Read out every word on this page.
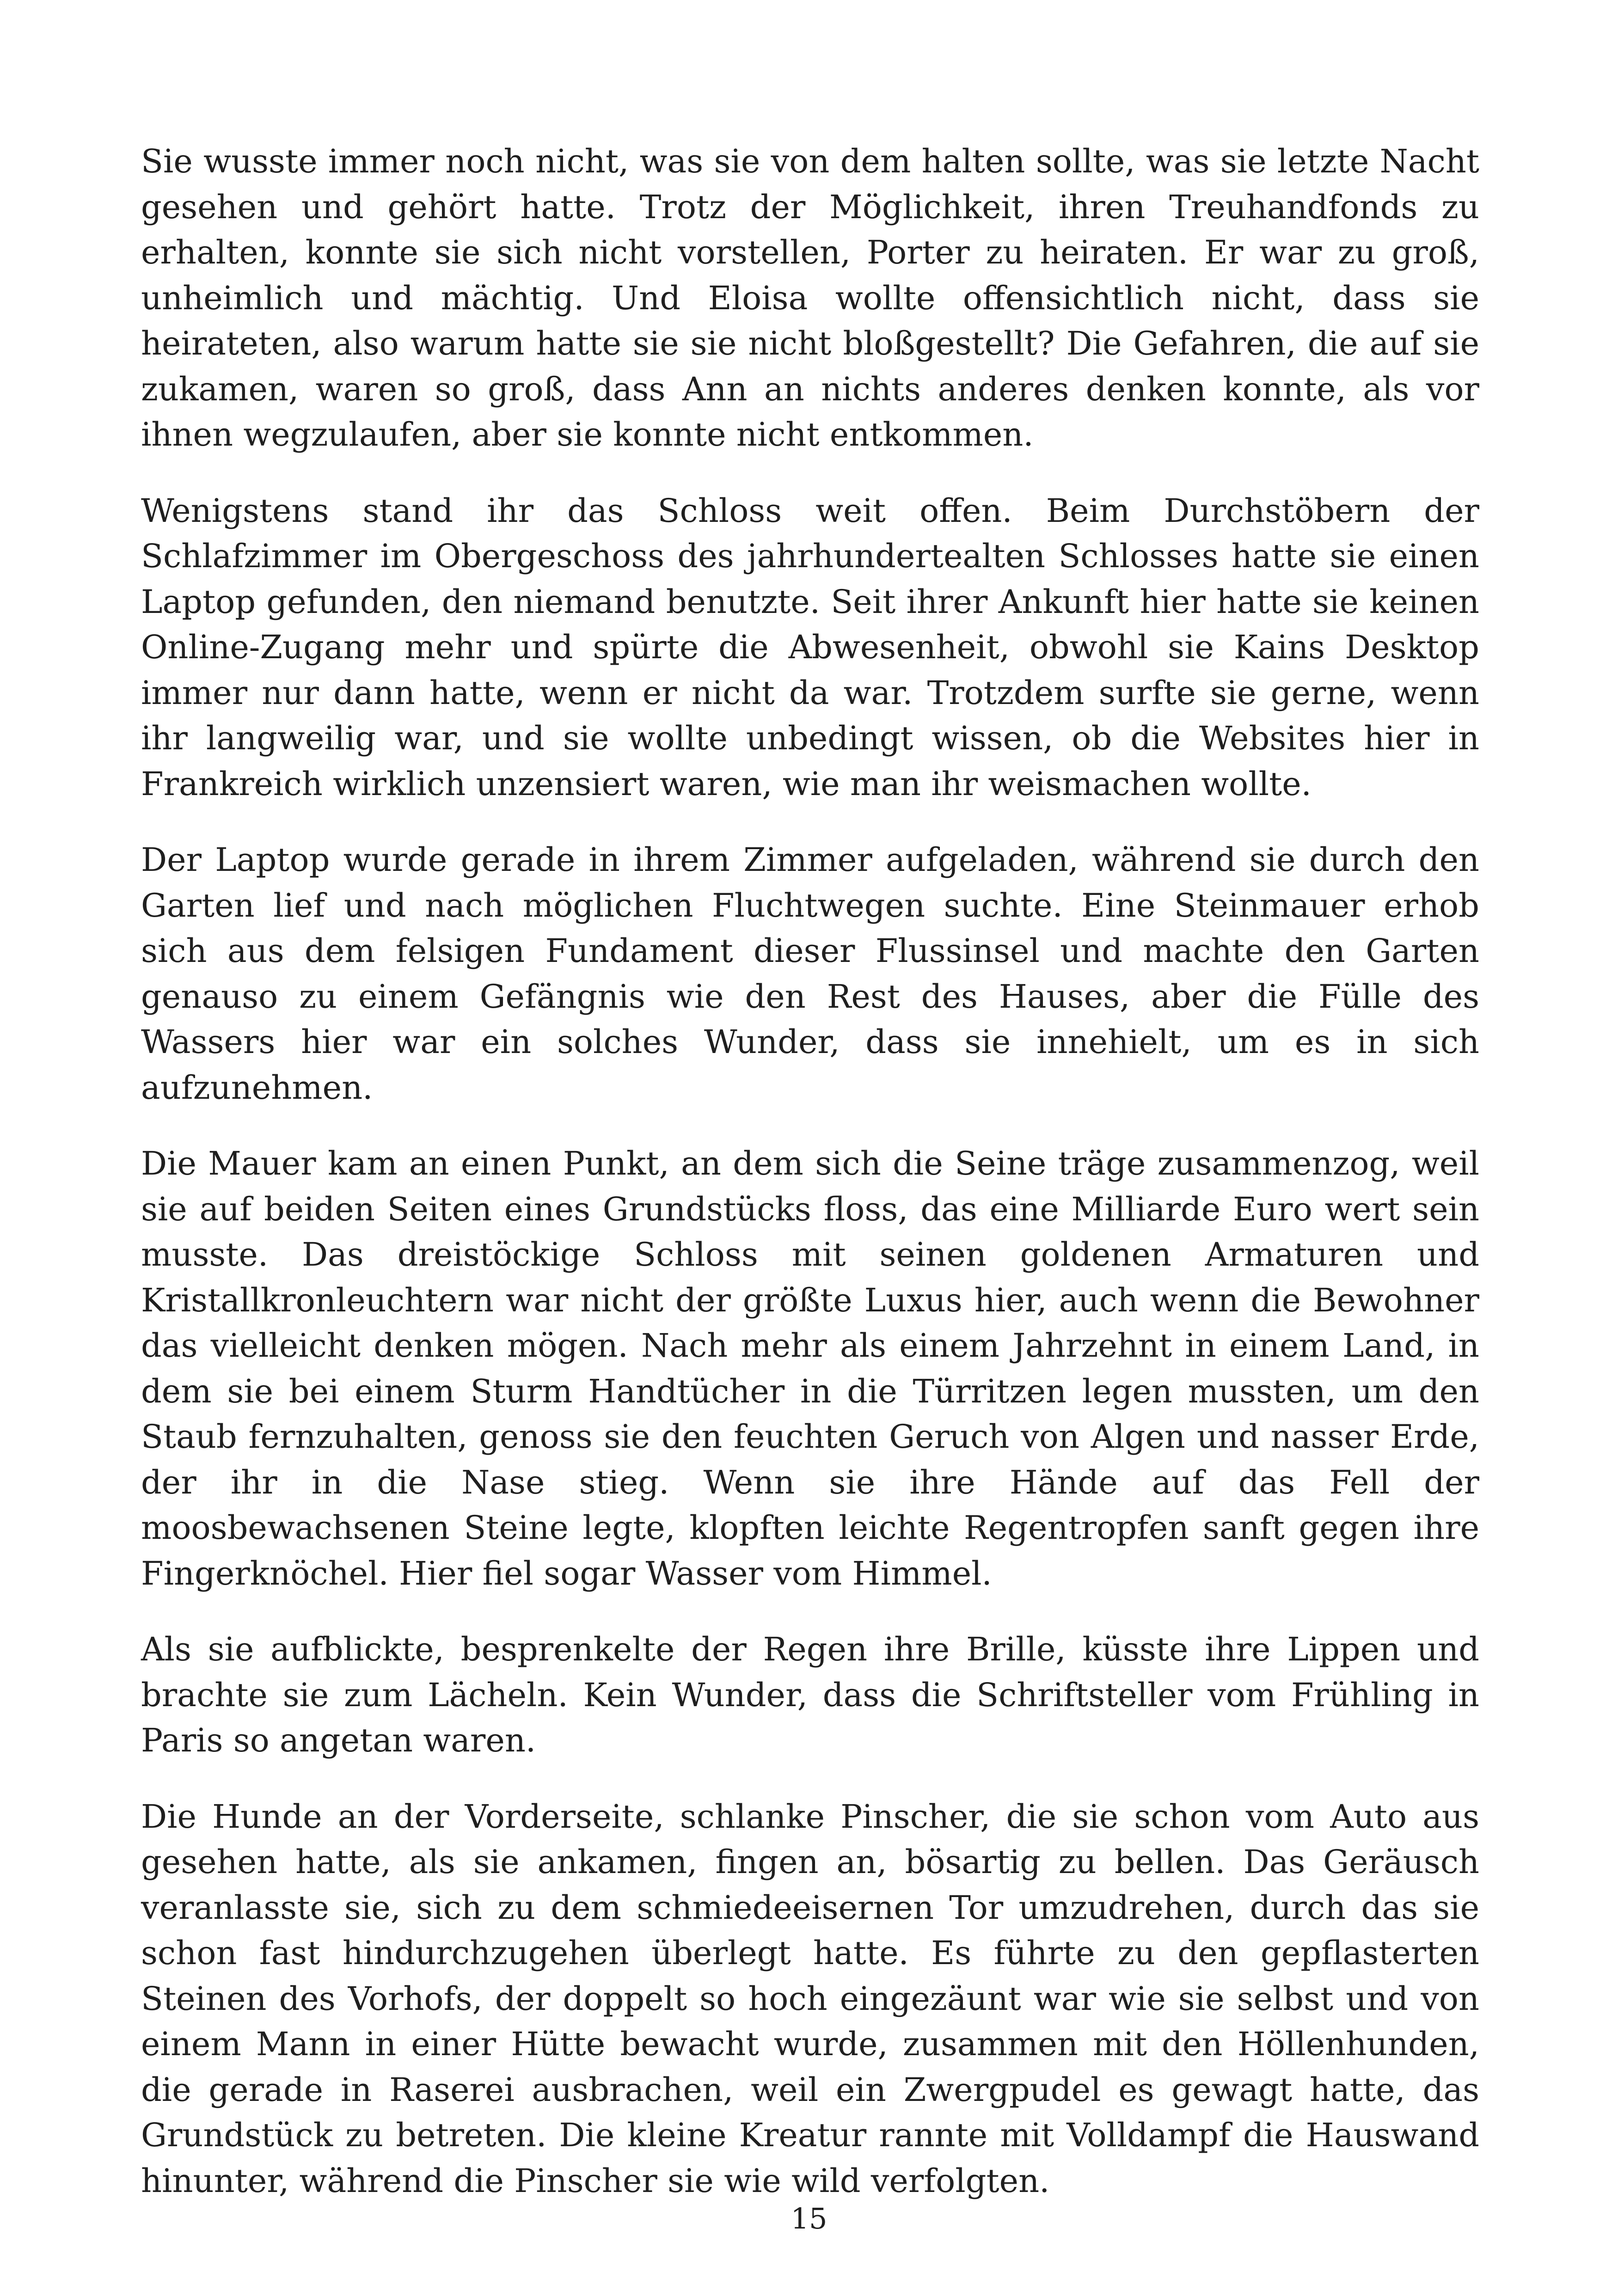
Sie wusste immer noch nicht, was sie von dem halten sollte, was sie letzte Nacht gesehen und gehört hatte. Trotz der Möglichkeit, ihren Treuhandfonds zu erhalten, konnte sie sich nicht vorstellen, Porter zu heiraten. Er war zu groß, unheimlich und mächtig. Und Eloisa wollte offensichtlich nicht, dass sie heirateten, also warum hatte sie sie nicht bloßgestellt? Die Gefahren, die auf sie zukamen, waren so groß, dass Ann an nichts anderes denken konnte, als vor ihnen wegzulaufen, aber sie konnte nicht entkommen.

Wenigstens stand ihr das Schloss weit offen. Beim Durchstöbern der Schlafzimmer im Obergeschoss des jahrhundertealten Schlosses hatte sie einen Laptop gefunden, den niemand benutzte. Seit ihrer Ankunft hier hatte sie keinen Online-Zugang mehr und spürte die Abwesenheit, obwohl sie Kains Desktop immer nur dann hatte, wenn er nicht da war. Trotzdem surfte sie gerne, wenn ihr langweilig war, und sie wollte unbedingt wissen, ob die Websites hier in Frankreich wirklich unzensiert waren, wie man ihr weismachen wollte.

Der Laptop wurde gerade in ihrem Zimmer aufgeladen, während sie durch den Garten lief und nach möglichen Fluchtwegen suchte. Eine Steinmauer erhob sich aus dem felsigen Fundament dieser Flussinsel und machte den Garten genauso zu einem Gefängnis wie den Rest des Hauses, aber die Fülle des Wassers hier war ein solches Wunder, dass sie innehielt, um es in sich aufzunehmen.

Die Mauer kam an einen Punkt, an dem sich die Seine träge zusammenzog, weil sie auf beiden Seiten eines Grundstücks floss, das eine Milliarde Euro wert sein musste. Das dreistöckige Schloss mit seinen goldenen Armaturen und Kristallkronleuchtern war nicht der größte Luxus hier, auch wenn die Bewohner das vielleicht denken mögen. Nach mehr als einem Jahrzehnt in einem Land, in dem sie bei einem Sturm Handtücher in die Türritzen legen mussten, um den Staub fernzuhalten, genoss sie den feuchten Geruch von Algen und nasser Erde, der ihr in die Nase stieg. Wenn sie ihre Hände auf das Fell der moosbewachsenen Steine legte, klopften leichte Regentropfen sanft gegen ihre Fingerknöchel. Hier fiel sogar Wasser vom Himmel.

Als sie aufblickte, besprenkelte der Regen ihre Brille, küsste ihre Lippen und brachte sie zum Lächeln. Kein Wunder, dass die Schriftsteller vom Frühling in Paris so angetan waren.

Die Hunde an der Vorderseite, schlanke Pinscher, die sie schon vom Auto aus gesehen hatte, als sie ankamen, fingen an, bösartig zu bellen. Das Geräusch veranlasste sie, sich zu dem schmiedeeisernen Tor umzudrehen, durch das sie schon fast hindurchzugehen überlegt hatte. Es führte zu den gepflasterten Steinen des Vorhofs, der doppelt so hoch eingezäunt war wie sie selbst und von einem Mann in einer Hütte bewacht wurde, zusammen mit den Höllenhunden, die gerade in Raserei ausbrachen, weil ein Zwergpudel es gewagt hatte, das Grundstück zu betreten. Die kleine Kreatur rannte mit Volldampf die Hauswand hinunter, während die Pinscher sie wie wild verfolgten.

15
